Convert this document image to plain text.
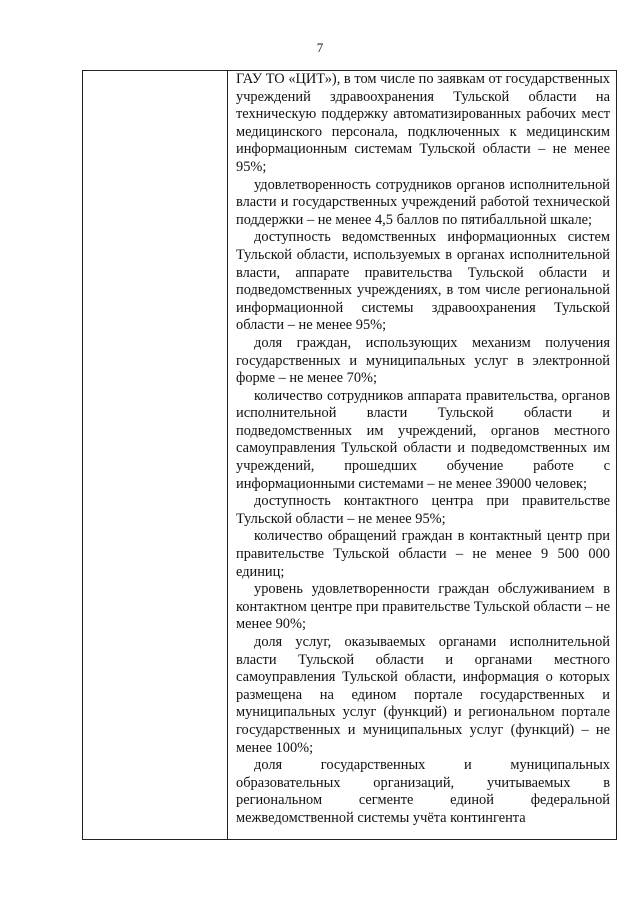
7

ГАУ ТО «ЦИТ»), в том числе по заявкам от государственных учреждений здравоохранения Тульской области на техническую поддержку автоматизированных рабочих мест медицинского персонала, подключенных к медицинским информационным системам Тульской области – не менее 95%;

удовлетворенность сотрудников органов исполнительной власти и государственных учреждений работой технической поддержки – не менее 4,5 баллов по пятибалльной шкале;

доступность ведомственных информационных систем Тульской области, используемых в органах исполнительной власти, аппарате правительства Тульской области и подведомственных учреждениях, в том числе региональной информационной системы здравоохранения Тульской области – не менее 95%;

доля граждан, использующих механизм получения государственных и муниципальных услуг в электронной форме – не менее 70%;

количество сотрудников аппарата правительства, органов исполнительной власти Тульской области и подведомственных им учреждений, органов местного самоуправления Тульской области и подведомственных им учреждений, прошедших обучение работе с информационными системами – не менее 39000 человек;

доступность контактного центра при правительстве Тульской области – не менее 95%;

количество обращений граждан в контактный центр при правительстве Тульской области – не менее 9 500 000 единиц;

уровень удовлетворенности граждан обслуживанием в контактном центре при правительстве Тульской области – не менее 90%;

доля услуг, оказываемых органами исполнительной власти Тульской области и органами местного самоуправления Тульской области, информация о которых размещена на едином портале государственных и муниципальных услуг (функций) и региональном портале государственных и муниципальных услуг (функций) – не менее 100%;

доля государственных и муниципальных образовательных организаций, учитываемых в региональном сегменте единой федеральной межведомственной системы учёта контингента
